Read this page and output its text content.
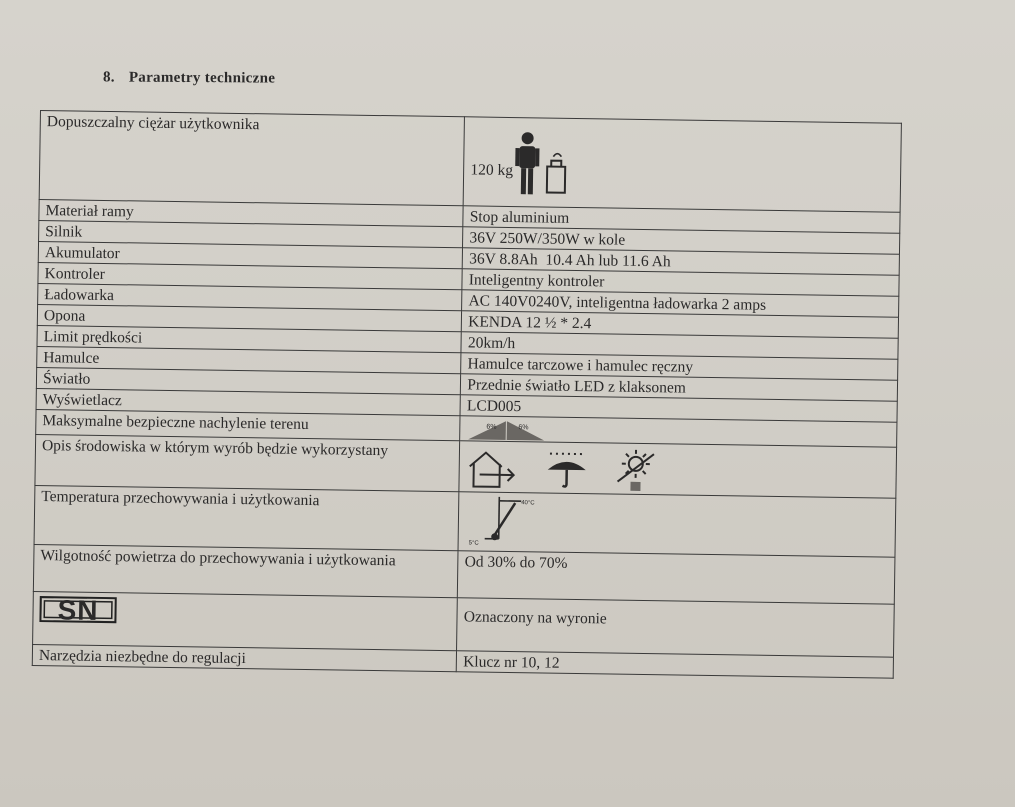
8. Parametry techniczne
Dopuszczalny ciężar użytkownika	120 kg

Materiał ramy	Stop aluminium
Silnik	36V 250W/350W w kole
Akumulator	36V 8.8Ah  10.4 Ah lub 11.6 Ah
Kontroler	Inteligentny kontroler
Ładowarka	AC 140V0240V, inteligentna ładowarka 2 amps
Opona	KENDA 12 ½ * 2.4
Limit prędkości	20km/h
Hamulce	Hamulce tarczowe i hamulec ręczny
Światło	Przednie światło LED z klaksonem
Wyświetlacz	LCD005
Maksymalne bezpieczne nachylenie terenu	6% 6%

Opis środowiska w którym wyrób będzie wykorzystany	

Temperatura przechowywania i użytkowania	40°C
5°C

Wilgotność powietrza do przechowywania i użytkowania	Od 30% do 70%
SN	Oznaczony na wyronie

Narzędzia niezbędne do regulacji	Klucz nr 10, 12
